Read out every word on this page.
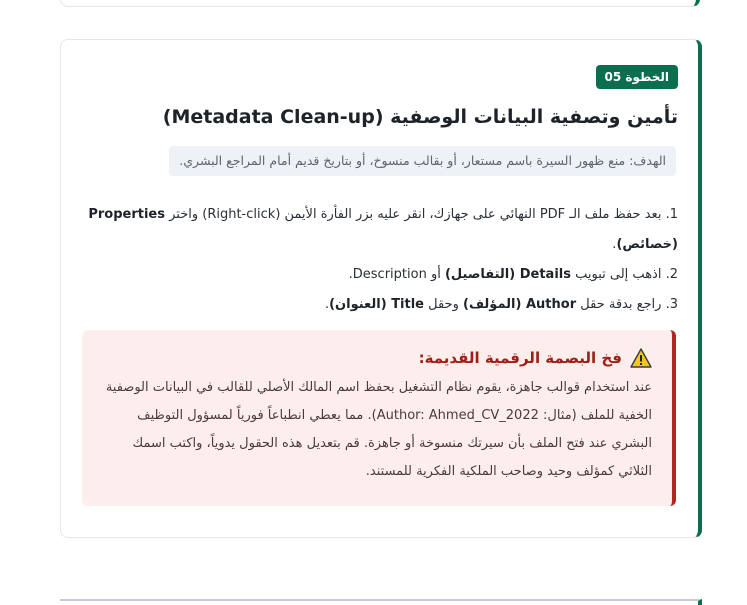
الخطوة 05
تأمين وتصفية البيانات الوصفية (Metadata Clean-up)
الهدف: منع ظهور السيرة باسم مستعار، أو بقالب منسوخ، أو بتاريخ قديم أمام المراجع البشري.
1. بعد حفظ ملف الـ PDF النهائي على جهازك، انقر عليه بزر الفأرة الأيمن (Right-click) واختر Properties (خصائص).
2. اذهب إلى تبويب Details (التفاصيل) أو Description.
3. راجع بدقة حقل Author (المؤلف) وحقل Title (العنوان).
فخ البصمة الرقمية القديمة:

عند استخدام قوالب جاهزة، يقوم نظام التشغيل بحفظ اسم المالك الأصلي للقالب في البيانات الوصفية الخفية للملف (مثال: Author: Ahmed_CV_2022). مما يعطي انطباعاً فورياً لمسؤول التوظيف البشري عند فتح الملف بأن سيرتك منسوخة أو جاهزة. قم بتعديل هذه الحقول يدوياً، واكتب اسمك الثلاثي كمؤلف وحيد وصاحب الملكية الفكرية للمستند.
